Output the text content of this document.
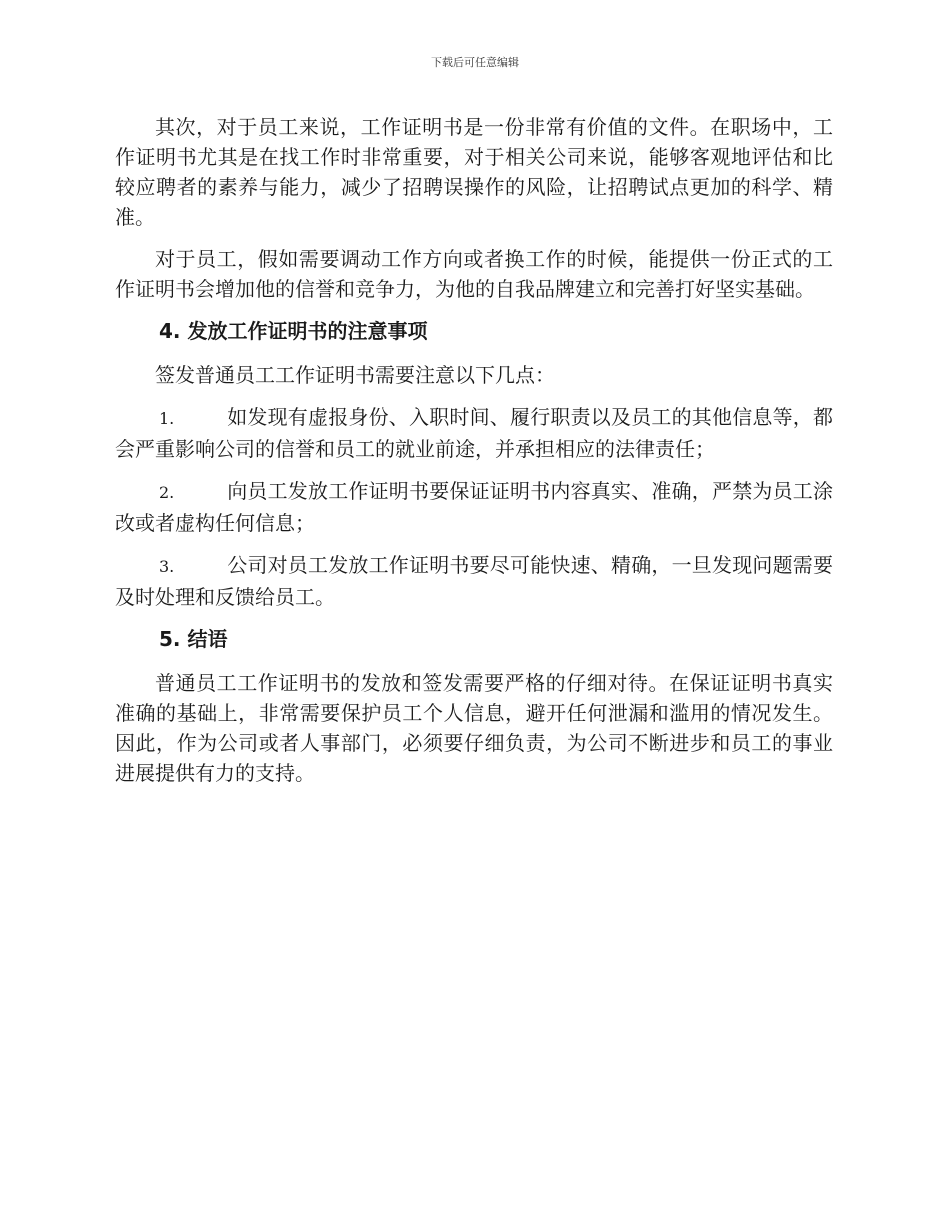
下载后可任意编辑

其次，对于员工来说，工作证明书是一份非常有价值的文件。在职场中，工作证明书尤其是在找工作时非常重要，对于相关公司来说，能够客观地评估和比较应聘者的素养与能力，减少了招聘误操作的风险，让招聘试点更加的科学、精准。

对于员工，假如需要调动工作方向或者换工作的时候，能提供一份正式的工作证明书会增加他的信誉和竞争力，为他的自我品牌建立和完善打好坚实基础。

4. 发放工作证明书的注意事项

签发普通员工工作证明书需要注意以下几点：

1.	如发现有虚报身份、入职时间、履行职责以及员工的其他信息等，都会严重影响公司的信誉和员工的就业前途，并承担相应的法律责任；

2.	向员工发放工作证明书要保证证明书内容真实、准确，严禁为员工涂改或者虚构任何信息；

3.	公司对员工发放工作证明书要尽可能快速、精确，一旦发现问题需要及时处理和反馈给员工。

5. 结语

普通员工工作证明书的发放和签发需要严格的仔细对待。在保证证明书真实准确的基础上，非常需要保护员工个人信息，避开任何泄漏和滥用的情况发生。因此，作为公司或者人事部门，必须要仔细负责，为公司不断进步和员工的事业进展提供有力的支持。
